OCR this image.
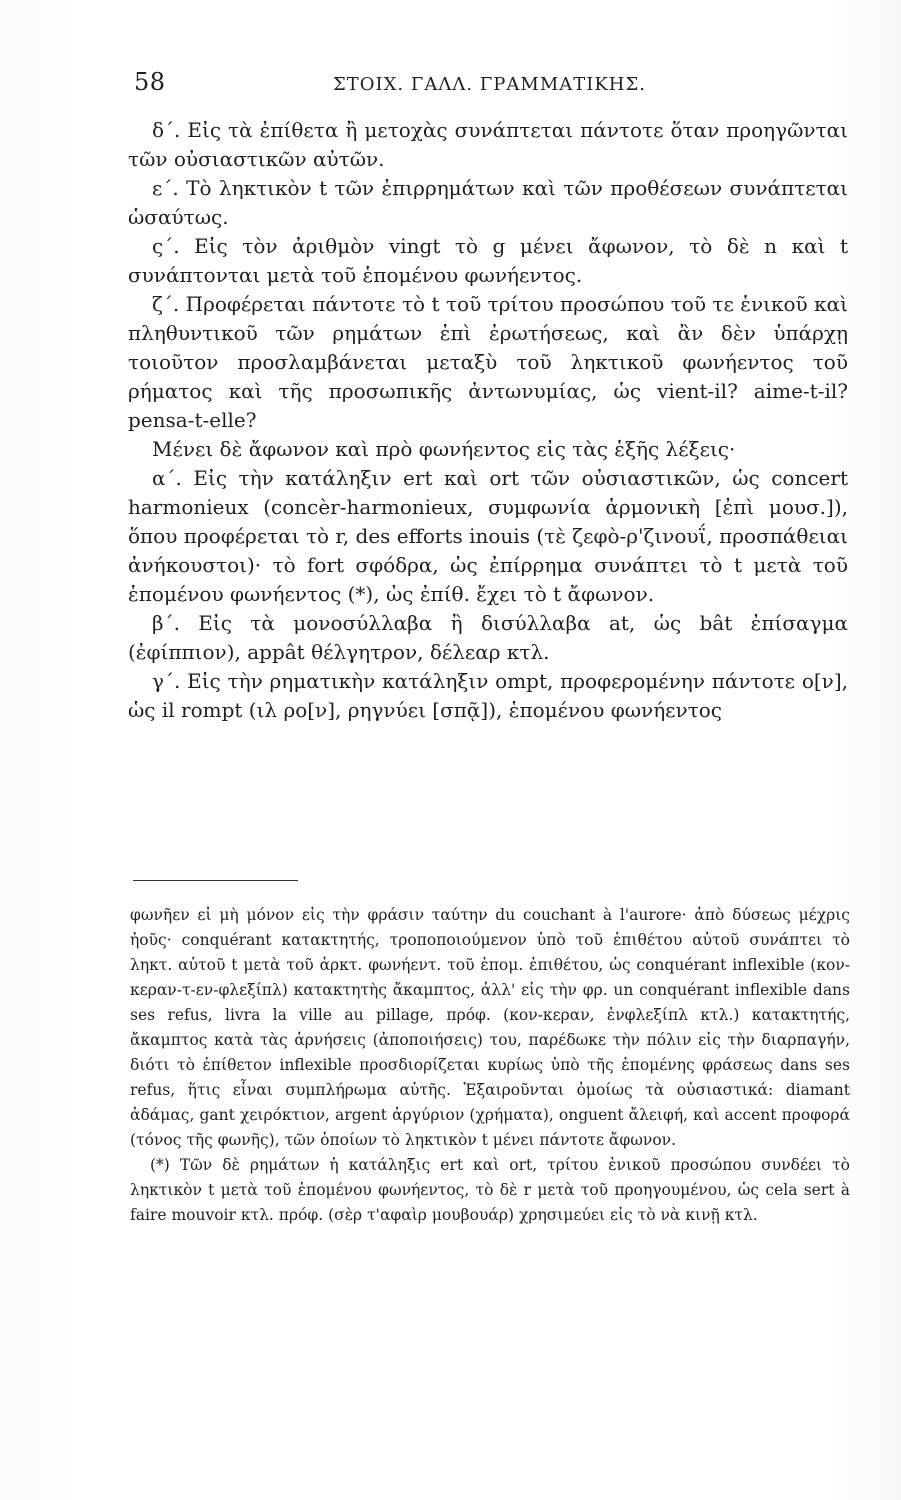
58	ΣΤΟΙΧ. ΓΑΛΛ. ΓΡΑΜΜΑΤΙΚΗΣ.

δ΄. Εἰς τὰ ἐπίθετα ἢ μετοχὰς συνάπτεται πάντοτε ὅταν προηγῶνται τῶν οὐσιαστικῶν αὐτῶν.

ε΄. Τὸ ληκτικὸν t τῶν ἐπιρρημάτων καὶ τῶν προθέσεων συνάπτεται ὡσαύτως.

ς΄. Εἰς τὸν ἀριθμὸν vingt τὸ g μένει ἄφωνον, τὸ δὲ n καὶ t συνάπτονται μετὰ τοῦ ἑπομένου φωνήεντος.

ζ΄. Προφέρεται πάντοτε τὸ t τοῦ τρίτου προσώπου τοῦ τε ἑνικοῦ καὶ πληθυντικοῦ τῶν ρημάτων ἐπὶ ἐρωτήσεως, καὶ ἂν δὲν ὑπάρχῃ τοιοῦτον προσλαμβάνεται μεταξὺ τοῦ ληκτικοῦ φωνήεντος τοῦ ρήματος καὶ τῆς προσωπικῆς ἀντωνυμίας, ὡς vient-il? aime-t-il? pensa-t-elle?

Μένει δὲ ἄφωνον καὶ πρὸ φωνήεντος εἰς τὰς ἑξῆς λέξεις·

α΄. Εἰς τὴν κατάληξιν ert καὶ ort τῶν οὐσιαστικῶν, ὡς concert harmonieux (concèr-harmonieux, συμφωνία ἁρμονικὴ [ἐπὶ μουσ.]), ὅπου προφέρεται τὸ r, des efforts inouis (τὲ ζεφὸ-ρ'ζινουΐ, προσπάθειαι ἀνήκουστοι)· τὸ fort σφόδρα, ὡς ἐπίρρημα συνάπτει τὸ t μετὰ τοῦ ἑπομένου φωνήεντος (*), ὡς ἐπίθ. ἔχει τὸ t ἄφωνον.

β΄. Εἰς τὰ μονοσύλλαβα ἢ δισύλλαβα at, ὡς bât ἐπίσαγμα (ἐφίππιον), appât θέλγητρον, δέλεαρ κτλ.

γ΄. Εἰς τὴν ρηματικὴν κατάληξιν ompt, προφερομένην πάντοτε ο[ν], ὡς il rompt (ιλ ρο[ν], ρηγνύει [σπᾷ]), ἑπομένου φωνήεντος

φωνῆεν εἰ μὴ μόνον εἰς τὴν φράσιν ταύτην du couchant à l'aurore· ἀπὸ δύσεως μέχρις ἠοῦς· conquérant κατακτητής, τροποποιούμενον ὑπὸ τοῦ ἐπιθέτου αὐτοῦ συνάπτει τὸ ληκτ. αὐτοῦ t μετὰ τοῦ ἀρκτ. φωνήεντ. τοῦ ἑπομ. ἐπιθέτου, ὡς conquérant inflexible (κον-κεραν-τ-εν-φλεξίπλ) κατακτητὴς ἄκαμπτος, ἀλλ' εἰς τὴν φρ. un conquérant inflexible dans ses refus, livra la ville au pillage, πρόφ. (κον-κεραν, ἐνφλεξίπλ κτλ.) κατακτητής, ἄκαμπτος κατὰ τὰς ἀρνήσεις (ἀποποιήσεις) του, παρέδωκε τὴν πόλιν εἰς τὴν διαρπαγήν, διότι τὸ ἐπίθετον inflexible προσδιορίζεται κυρίως ὑπὸ τῆς ἑπομένης φράσεως dans ses refus, ἥτις εἶναι συμπλήρωμα αὐτῆς. Ἐξαιροῦνται ὁμοίως τὰ οὐσιαστικά: diamant ἀδάμας, gant χειρόκτιον, argent ἀργύριον (χρήματα), onguent ἄλειφή, καὶ accent προφορά (τόνος τῆς φωνῆς), τῶν ὁποίων τὸ ληκτικὸν t μένει πάντοτε ἄφωνον.

(*) Τῶν δὲ ρημάτων ἡ κατάληξις ert καὶ ort, τρίτου ἑνικοῦ προσώπου συνδέει τὸ ληκτικὸν t μετὰ τοῦ ἑπομένου φωνήεντος, τὸ δὲ r μετὰ τοῦ προηγουμένου, ὡς cela sert à faire mouvoir κτλ. πρόφ. (σὲρ τ'αφαὶρ μουβουάρ) χρησιμεύει εἰς τὸ νὰ κινῇ κτλ.
